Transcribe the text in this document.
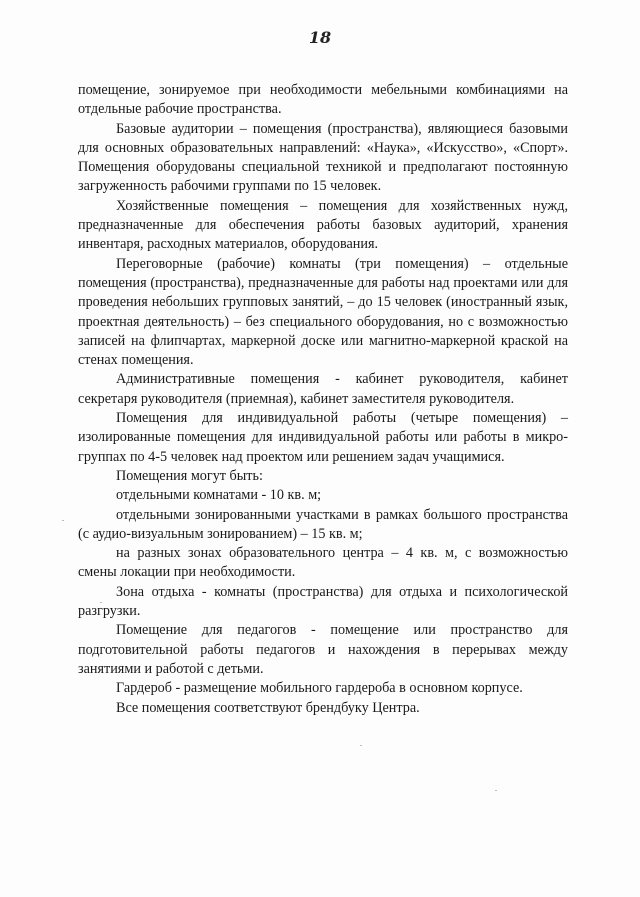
18

помещение, зонируемое при необходимости мебельными комбинациями на отдельные рабочие пространства.

Базовые аудитории – помещения (пространства), являющиеся базовыми для основных образовательных направлений: «Наука», «Искусство», «Спорт». Помещения оборудованы специальной техникой и предполагают постоянную загруженность рабочими группами по 15 человек.

Хозяйственные помещения – помещения для хозяйственных нужд, предназначенные для обеспечения работы базовых аудиторий, хранения инвентаря, расходных материалов, оборудования.

Переговорные (рабочие) комнаты (три помещения) – отдельные помещения (пространства), предназначенные для работы над проектами или для проведения небольших групповых занятий, – до 15 человек (иностранный язык, проектная деятельность) – без специального оборудования, но с возможностью записей на флипчартах, маркерной доске или магнитно-маркерной краской на стенах помещения.

Административные помещения - кабинет руководителя, кабинет секретаря руководителя (приемная), кабинет заместителя руководителя.

Помещения для индивидуальной работы (четыре помещения) – изолированные помещения для индивидуальной работы или работы в микро-группах по 4-5 человек над проектом или решением задач учащимися.

Помещения могут быть:

отдельными комнатами - 10 кв. м;

отдельными зонированными участками в рамках большого пространства (с аудио-визуальным зонированием) – 15 кв. м;

на разных зонах образовательного центра – 4 кв. м, с возможностью смены локации при необходимости.

Зона отдыха - комнаты (пространства) для отдыха и психологической разгрузки.

Помещение для педагогов - помещение или пространство для подготовительной работы педагогов и нахождения в перерывах между занятиями и работой с детьми.

Гардероб - размещение мобильного гардероба в основном корпусе.

Все помещения соответствуют брендбуку Центра.
